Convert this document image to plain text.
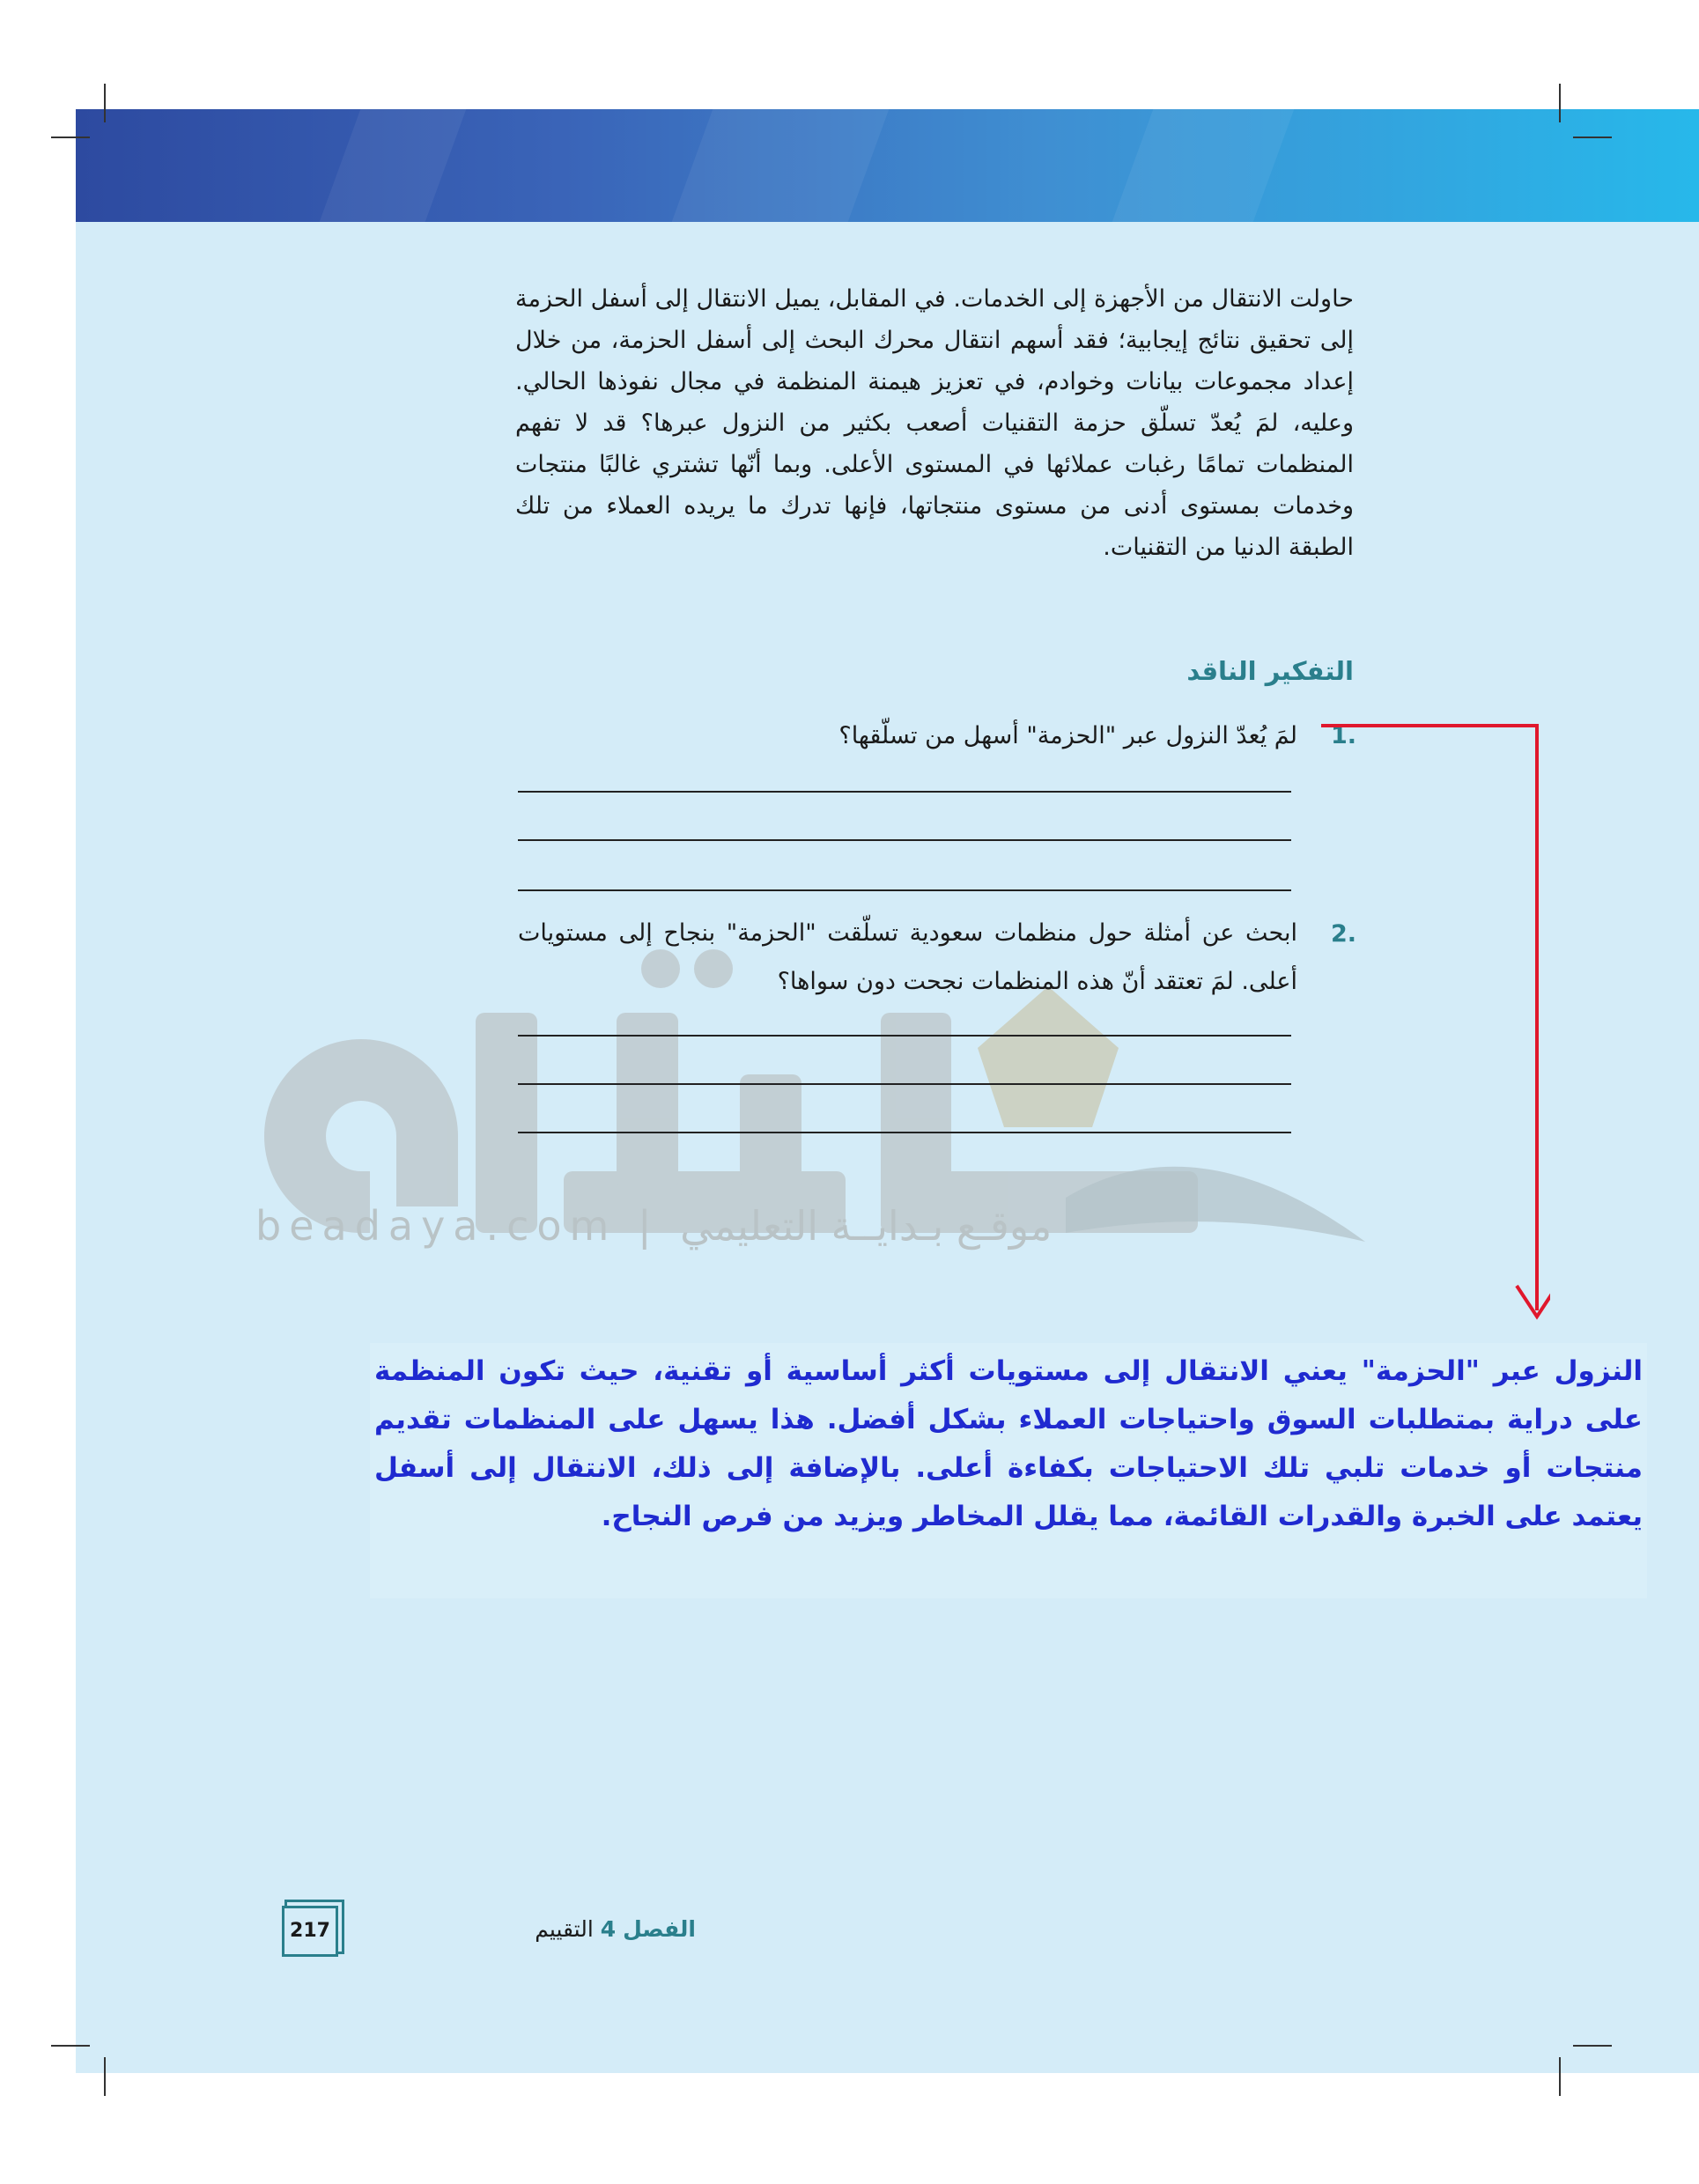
beadaya.com | موقـع بـدايــة التعليمي
حاولت الانتقال من الأجهزة إلى الخدمات. في المقابل، يميل الانتقال إلى أسفل الحزمة إلى تحقيق نتائج إيجابية؛ فقد أسهم انتقال محرك البحث إلى أسفل الحزمة، من خلال إعداد مجموعات بيانات وخوادم، في تعزيز هيمنة المنظمة في مجال نفوذها الحالي. وعليه، لمَ يُعدّ تسلّق حزمة التقنيات أصعب بكثير من النزول عبرها؟ قد لا تفهم المنظمات تمامًا رغبات عملائها في المستوى الأعلى. وبما أنّها تشتري غالبًا منتجات وخدمات بمستوى أدنى من مستوى منتجاتها، فإنها تدرك ما يريده العملاء من تلك الطبقة الدنيا من التقنيات.
التفكير الناقد
1.
لمَ يُعدّ النزول عبر "الحزمة" أسهل من تسلّقها؟
2.
ابحث عن أمثلة حول منظمات سعودية تسلّقت "الحزمة" بنجاح إلى مستويات أعلى. لمَ تعتقد أنّ هذه المنظمات نجحت دون سواها؟
النزول عبر "الحزمة" يعني الانتقال إلى مستويات أكثر أساسية أو تقنية، حيث تكون المنظمة على دراية بمتطلبات السوق واحتياجات العملاء بشكل أفضل. هذا يسهل على المنظمات تقديم منتجات أو خدمات تلبي تلك الاحتياجات بكفاءة أعلى. بالإضافة إلى ذلك، الانتقال إلى أسفل يعتمد على الخبرة والقدرات القائمة، مما يقلل المخاطر ويزيد من فرص النجاح.
الفصل 4 التقييم
217
